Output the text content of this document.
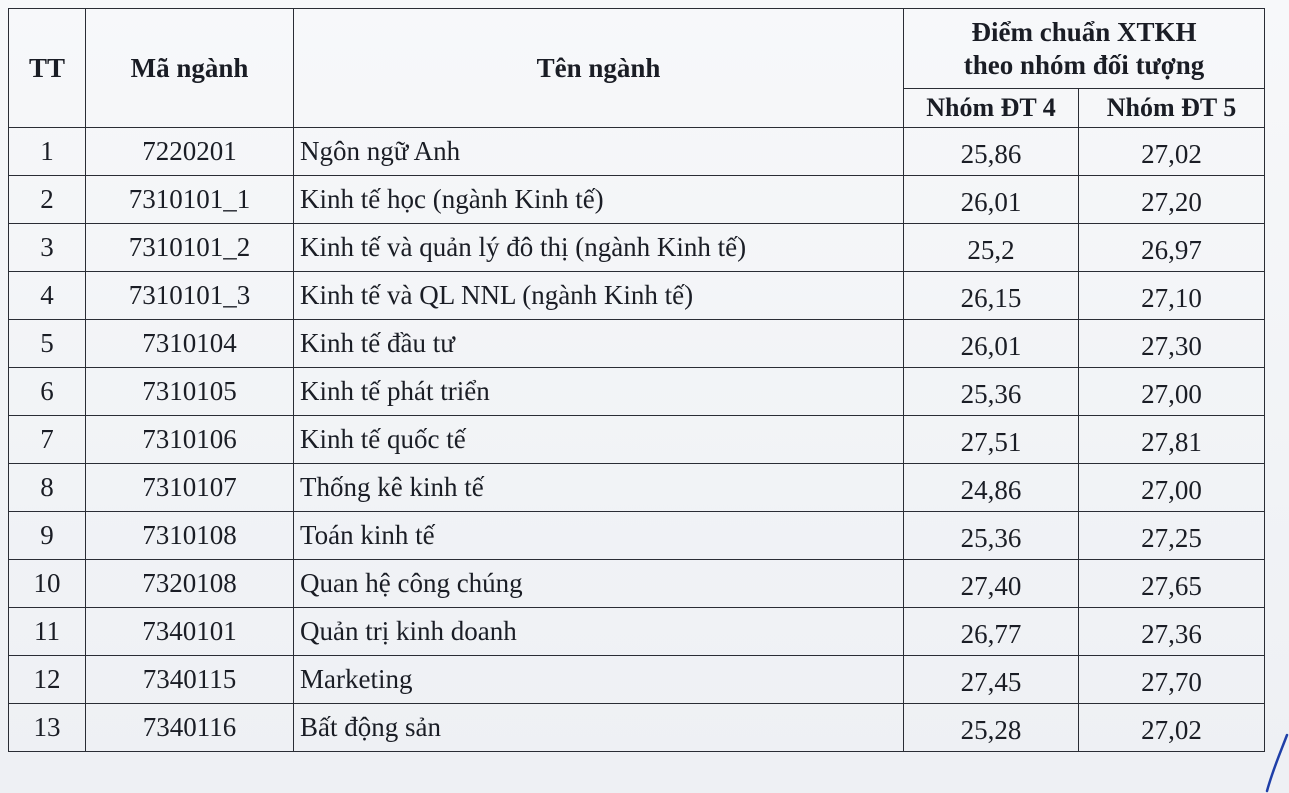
TT	Mã ngành	Tên ngành	Điểm chuẩn XTKH
theo nhóm đối tượng	

			Nhóm ĐT 4	Nhóm ĐT 5
1	7220201	Ngôn ngữ Anh	25,86	27,02
2	7310101_1	Kinh tế học (ngành Kinh tế)	26,01	27,20
3	7310101_2	Kinh tế và quản lý đô thị (ngành Kinh tế)	25,2	26,97
4	7310101_3	Kinh tế và QL NNL (ngành Kinh tế)	26,15	27,10
5	7310104	Kinh tế đầu tư	26,01	27,30
6	7310105	Kinh tế phát triển	25,36	27,00
7	7310106	Kinh tế quốc tế	27,51	27,81
8	7310107	Thống kê kinh tế	24,86	27,00
9	7310108	Toán kinh tế	25,36	27,25
10	7320108	Quan hệ công chúng	27,40	27,65
11	7340101	Quản trị kinh doanh	26,77	27,36
12	7340115	Marketing	27,45	27,70
13	7340116	Bất động sản	25,28	27,02
